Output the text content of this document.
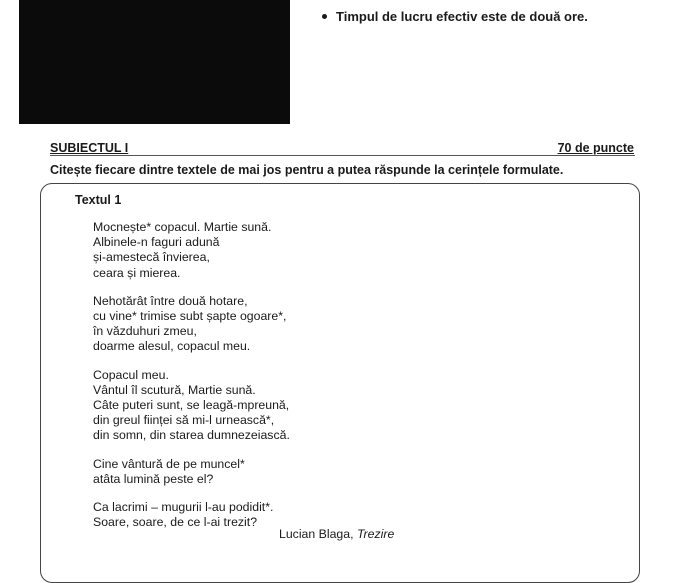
Timpul de lucru efectiv este de două ore.
SUBIECTUL I	70 de puncte
Citește fiecare dintre textele de mai jos pentru a putea răspunde la cerințele formulate.
Textul 1
Mocnește* copacul. Martie sună.
Albinele-n faguri adună
și-amestecă învierea,
ceara și mierea.
Nehotărât între două hotare,
cu vine* trimise subt șapte ogoare*,
în văzduhuri zmeu,
doarme alesul, copacul meu.
Copacul meu.
Vântul îl scutură, Martie sună.
Câte puteri sunt, se leagă-mpreună,
din greul ființei să mi-l urnească*,
din somn, din starea dumnezeiască.
Cine vântură de pe muncel*
atâta lumină peste el?
Ca lacrimi – mugurii l-au podidit*.
Soare, soare, de ce l-ai trezit?
Lucian Blaga, Trezire
